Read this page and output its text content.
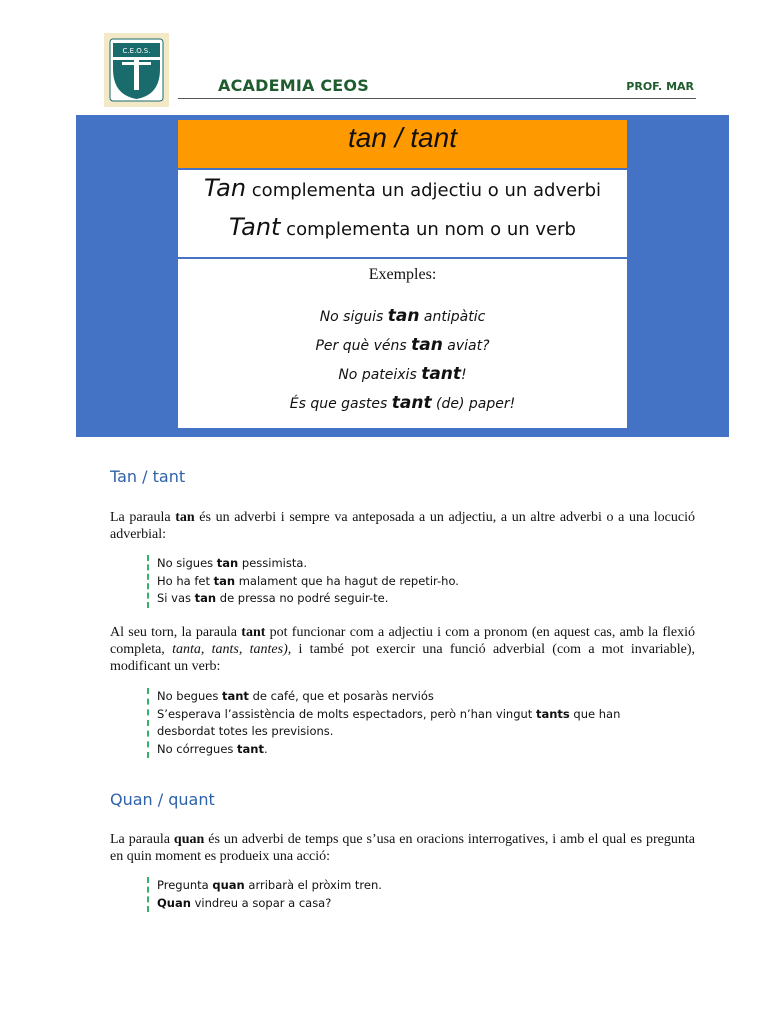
C.E.O.S.
ACADEMIA CEOS	PROF. MAR
tan / tant
Tan complementa un adjectiu o un adverbi
Tant complementa un nom o un verb
Exemples:
No siguis tan antipàtic
Per què véns tan aviat?
No pateixis tant!
És que gastes tant (de) paper!
Tan / tant
La paraula tan és un adverbi i sempre va anteposada a un adjectiu, a un altre adverbi o a una locució adverbial:
No sigues tan pessimista.
Ho ha fet tan malament que ha hagut de repetir-ho.
Si vas tan de pressa no podré seguir-te.
Al seu torn, la paraula tant pot funcionar com a adjectiu i com a pronom (en aquest cas, amb la flexió completa, tanta, tants, tantes), i també pot exercir una funció adverbial (com a mot invariable), modificant un verb:
No begues tant de café, que et posaràs nerviós
S’esperava l’assistència de molts espectadors, però n’han vingut tants que han
desbordat totes les previsions.
No córregues tant.
Quan / quant
La paraula quan és un adverbi de temps que s’usa en oracions interrogatives, i amb el qual es pregunta en quin moment es produeix una acció:
Pregunta quan arribarà el pròxim tren.
Quan vindreu a sopar a casa?
